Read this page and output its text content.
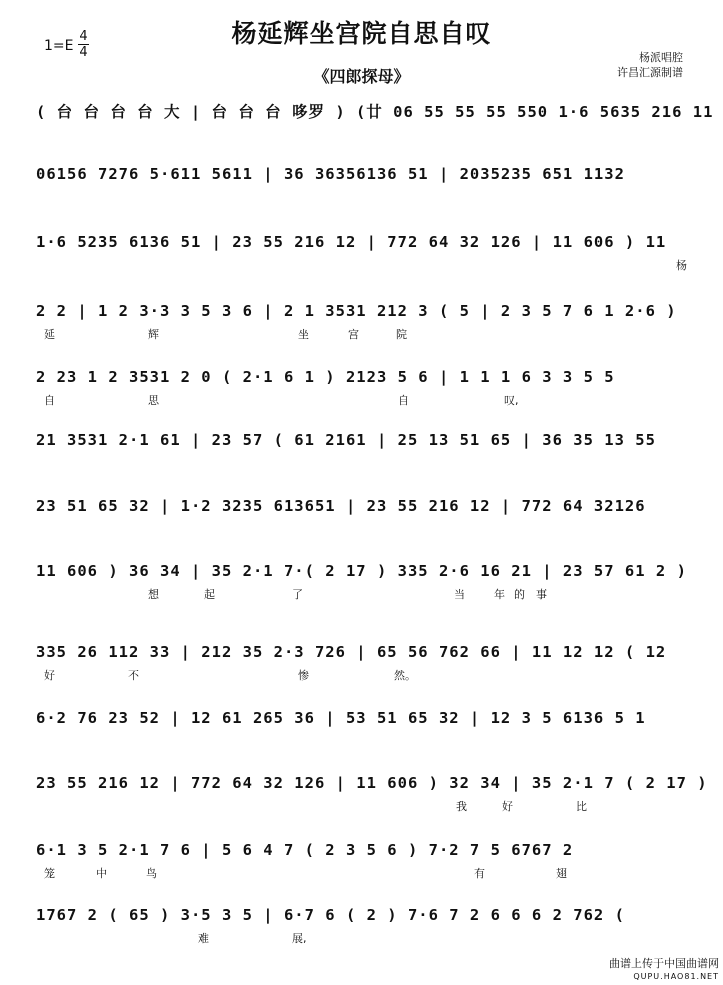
杨延辉坐宫院自思自叹
《四郎探母》
1=E
4
4	杨派唱腔
许昌汇源制谱
( 台 台 台 台 大 | 台 台 台 哆罗 ) (廿 06 55 55 55 550 1·6 5635 216 11
06156 7276 5·611 5611 | 36 36356136 51 | 2035235 651 1132
1·6 5235 6136 51 | 23 55 216 12 | 772 64 32 126 | 11 606 ) 11
杨
2 2 | 1 2 3·3 3 5 3 6 | 2 1 3531 212 3 ( 5 | 2 3 5 7 6 1 2·6 )
延	辉	坐	宫	院
2 23 1 2 3531 2 0 ( 2·1 6 1 ) 2123 5 6 | 1 1 1 6 3 3 5 5
自	思	自	叹,
21 3531 2·1 61 | 23 57 ( 61 2161 | 25 13 51 65 | 36 35 13 55
23 51 65 32 | 1·2 3235 613651 | 23 55 216 12 | 772 64 32126
11 606 ) 36 34 | 35 2·1 7·( 2 17 ) 335 2·6 16 21 | 23 57 61 2 )
想	起	了	当	年 的 事
335 26 112 33 | 212 35 2·3 726 | 65 56 762 66 | 11 12 12 ( 12
好	不	惨	然。
6·2 76 23 52 | 12 61 265 36 | 53 51 65 32 | 12 3 5 6136 5 1
23 55 216 12 | 772 64 32 126 | 11 606 ) 32 34 | 35 2·1 7 ( 2 17 )
我	好	比
6·1 3 5 2·1 7 6 | 5 6 4 7 ( 2 3 5 6 ) 7·2 7 5 6767 2
笼	中	鸟	有	翅
1767 2 ( 65 ) 3·5 3 5 | 6·7 6 ( 2 ) 7·6 7 2 6 6 6 2 762 (
难	展,
曲谱上传于中国曲谱网
QUPU.HAO81.NET
